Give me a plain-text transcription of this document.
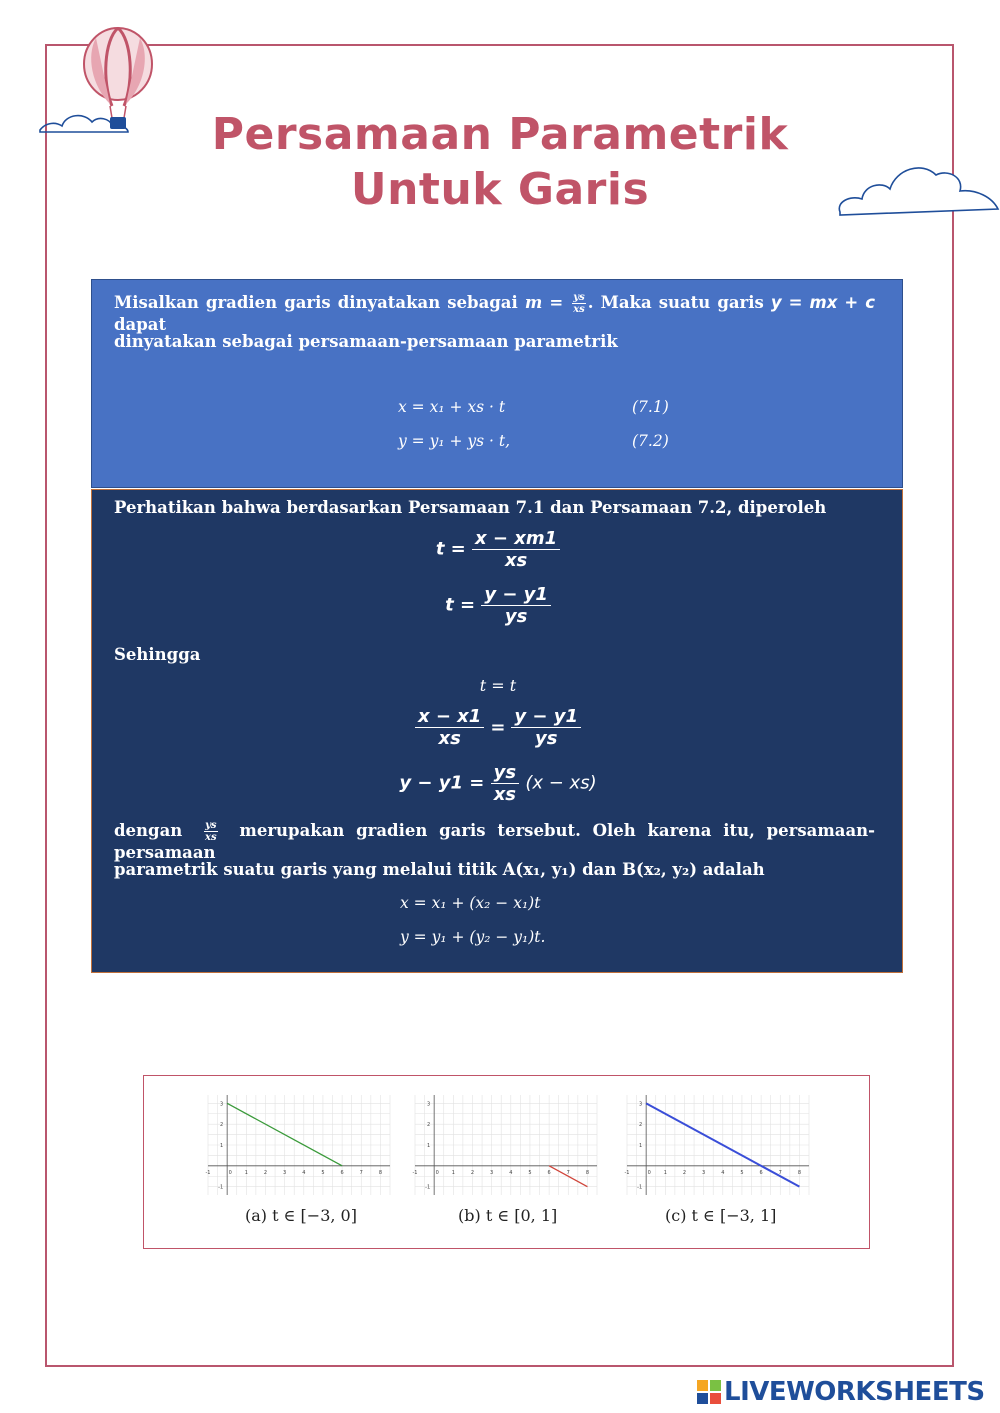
Persamaan Parametrik
Untuk Garis
Misalkan gradien garis dinyatakan sebagai $m = \frac{ys}{xs}$ . Maka suatu garis y = mx + c dapat
dinyatakan sebagai persamaan-persamaan parametrik
x = x₁ + xs · t	(7.1)
y = y₁ + ys · t,	(7.2)
Perhatikan bahwa berdasarkan Persamaan 7.1 dan Persamaan 7.2, diperoleh
$t = \frac{x - xm1}{xs}$
$t = \frac{y - y1}{ys}$
Sehingga
t = t
$\frac{x - x1}{xs} = \frac{y - y1}{ys}$
$y - y1 = \frac{ys}{xs} (x - xs)$
dengan $\frac{ys}{xs}$ merupakan gradien garis tersebut. Oleh karena itu, persamaan-persamaan
parametrik suatu garis yang melalui titik A(x₁, y₁) dan B(x₂, y₂) adalah
x = x₁ + (x₂ − x₁)t
y = y₁ + (y₂ − y₁)t.
-1	0	1	2	3	4	5	6	7	8
3
2
1
-1
-1	0	1	2	3	4	5	6	7	8
3
2
1
-1
-1	0	1	2	3	4	5	6	7	8
3
2
1
-1
(a) t ∈ [−3, 0]	(b) t ∈ [0, 1]	(c) t ∈ [−3, 1]
LIVEWORKSHEETS
